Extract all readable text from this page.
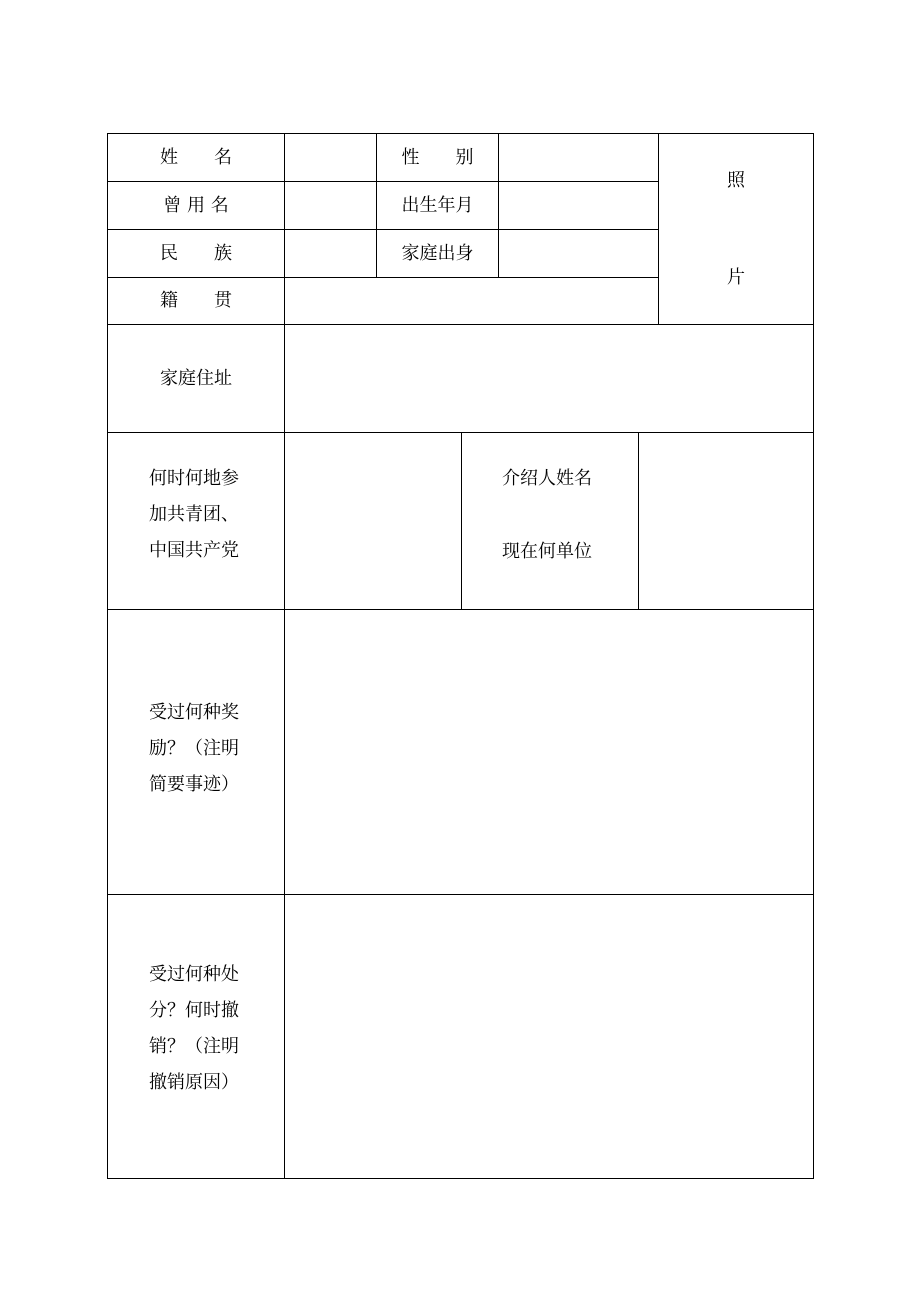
姓　　名	性　　别
照
片
曾 用 名	出生年月
民　　族	家庭出身
籍　　贯
家庭住址
何时何地参
加共青团、
中国共产党
介绍人姓名
现在何单位
受过何种奖
励？（注明
简要事迹）
受过何种处
分？何时撤
销？（注明
撤销原因）
